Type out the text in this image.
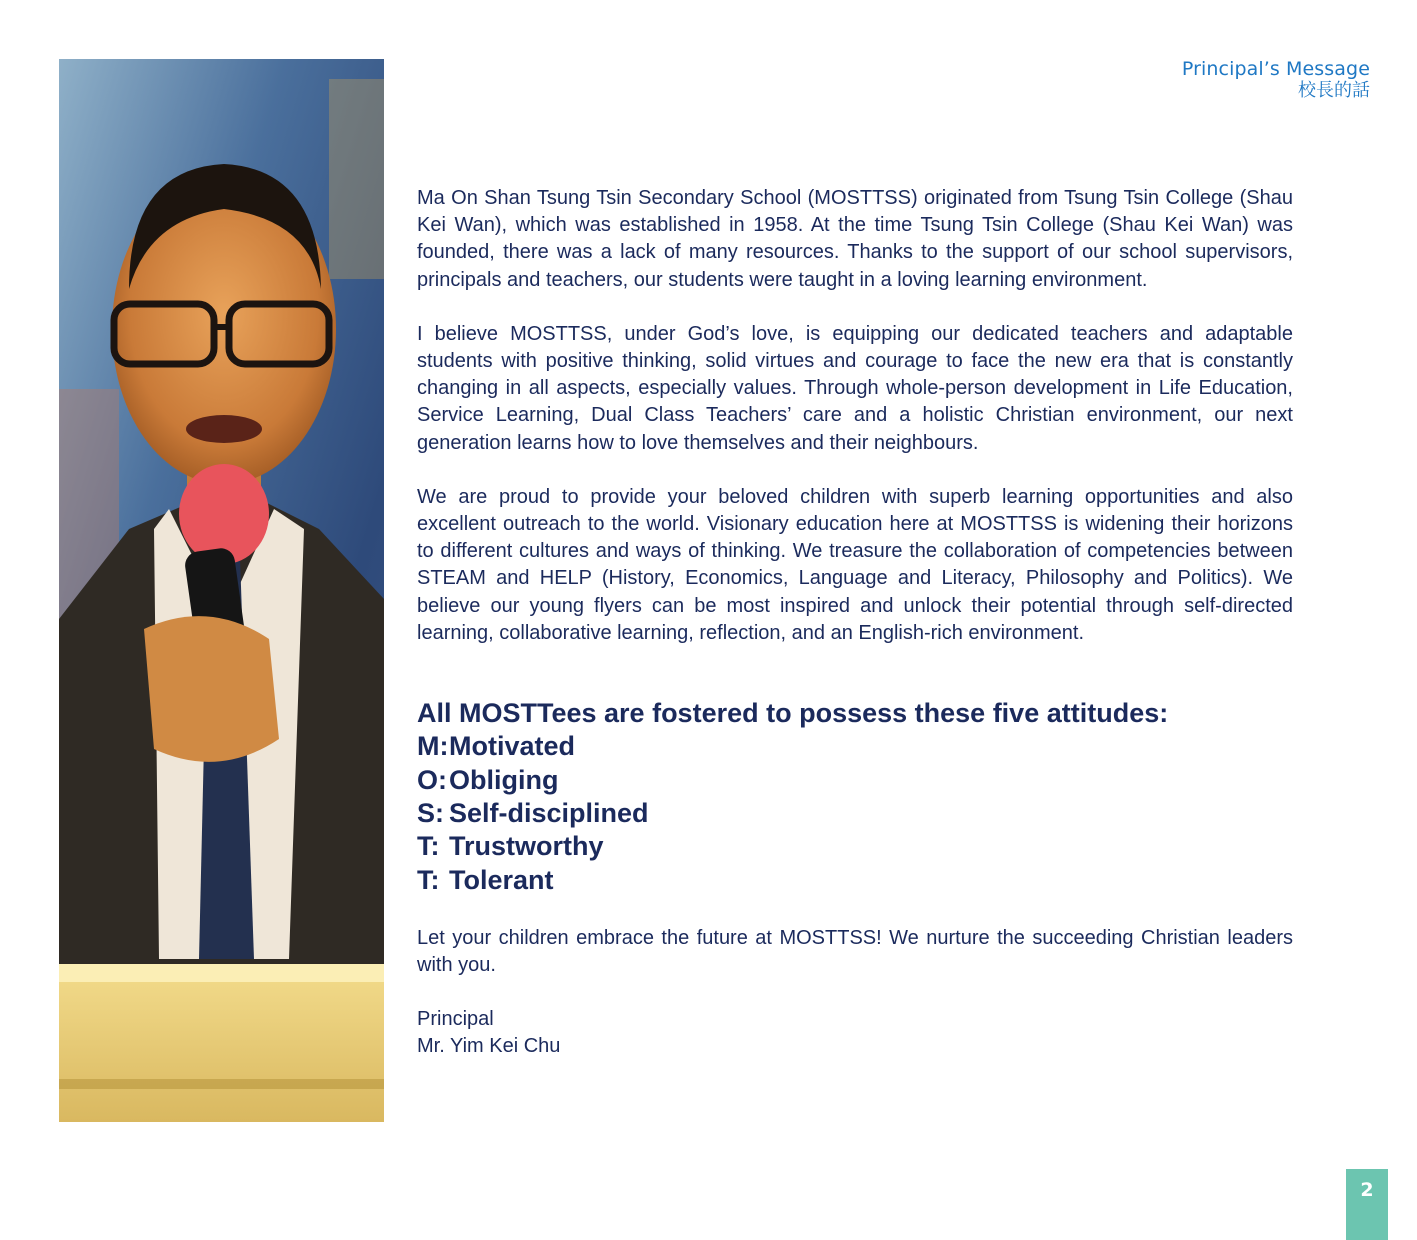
Principal’s Message
校長的話

Ma On Shan Tsung Tsin Secondary School (MOSTTSS) originated from Tsung Tsin College (Shau Kei Wan), which was established in 1958. At the time Tsung Tsin College (Shau Kei Wan) was founded, there was a lack of many resources. Thanks to the support of our school supervisors, principals and teachers, our students were taught in a loving learning environment.

I believe MOSTTSS, under God’s love, is equipping our dedicated teachers and adaptable students with positive thinking, solid virtues and courage to face the new era that is constantly changing in all aspects, especially values. Through whole-person development in Life Education, Service Learning, Dual Class Teachers’ care and a holistic Christian environment, our next generation learns how to love themselves and their neighbours.

We are proud to provide your beloved children with superb learning opportunities and also excellent outreach to the world. Visionary education here at MOSTTSS is widening their horizons to different cultures and ways of thinking. We treasure the collaboration of competencies between STEAM and HELP (History, Economics, Language and Literacy, Philosophy and Politics). We believe our young flyers can be most inspired and unlock their potential through self-directed learning, collaborative learning, reflection, and an English-rich environment.

All MOSTTees are fostered to possess these five attitudes:
M: Motivated
O: Obliging
S: Self-disciplined
T: Trustworthy
T: Tolerant

Let your children embrace the future at MOSTTSS! We nurture the succeeding Christian leaders with you.

Principal
Mr. Yim Kei Chu
2
